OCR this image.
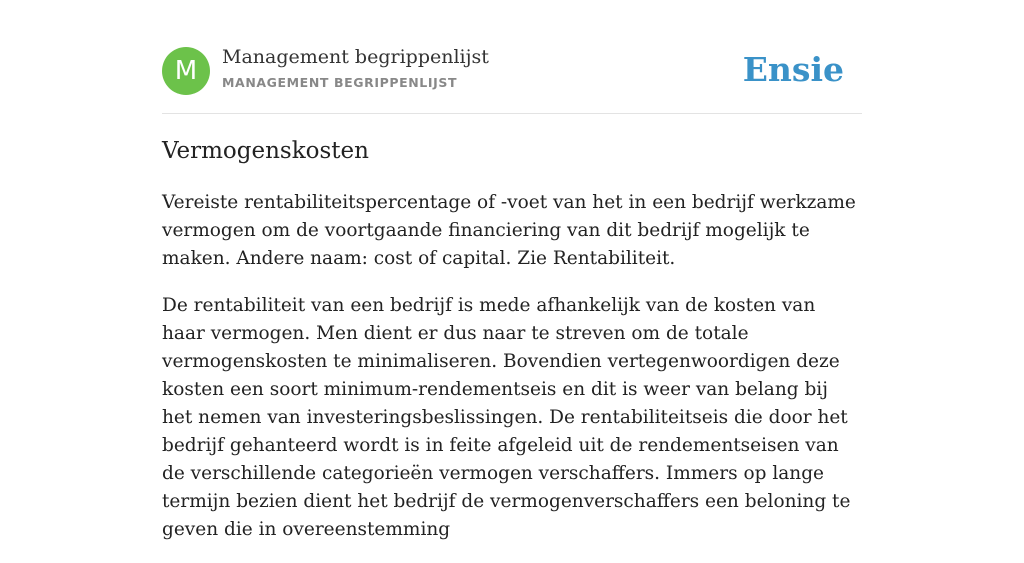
M	Management begrippenlijst
MANAGEMENT BEGRIPPENLIJST	Ensie
Vermogenskosten

Vereiste rentabiliteitspercentage of -voet van het in een bedrijf werkzame vermogen om de voortgaande financiering van dit bedrijf mogelijk te maken. Andere naam: cost of capital. Zie Rentabiliteit.

De rentabiliteit van een bedrijf is mede afhankelijk van de kosten van haar vermogen. Men dient er dus naar te streven om de totale vermogenskosten te minimaliseren. Bovendien vertegenwoordigen deze kosten een soort minimum-rendementseis en dit is weer van belang bij het nemen van investeringsbeslissingen. De rentabiliteitseis die door het bedrijf gehanteerd wordt is in feite afgeleid uit de rendementseisen van de verschillende categorieën vermogen verschaffers. Immers op lange termijn bezien dient het bedrijf de vermogenverschaffers een beloning te geven die in overeenstemming
